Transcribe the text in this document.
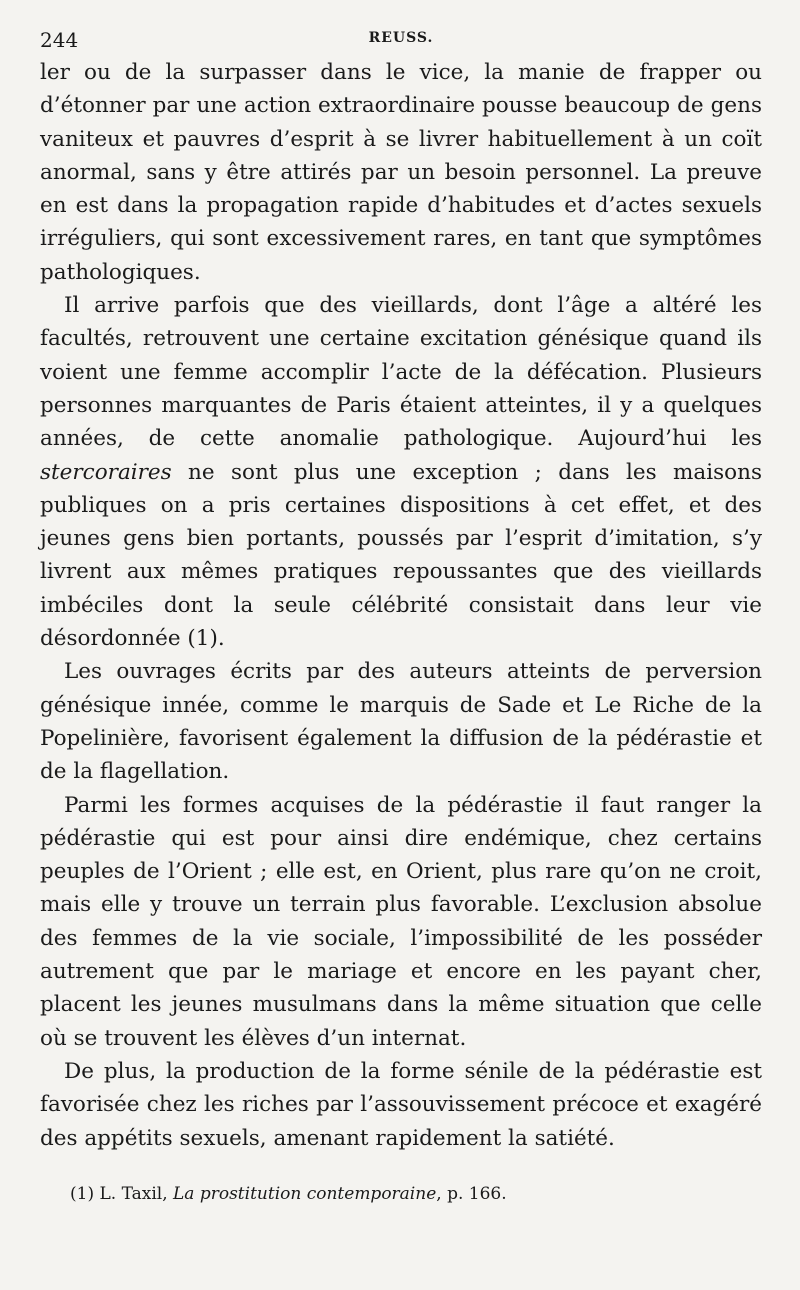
244	REUSS.

ler ou de la surpasser dans le vice, la manie de frapper ou d’étonner par une action extraordinaire pousse beaucoup de gens vaniteux et pauvres d’esprit à se livrer habituellement à un coït anormal, sans y être attirés par un besoin personnel. La preuve en est dans la propagation rapide d’habitudes et d’actes sexuels irréguliers, qui sont excessivement rares, en tant que symptômes pathologiques.

Il arrive parfois que des vieillards, dont l’âge a altéré les facultés, retrouvent une certaine excitation génésique quand ils voient une femme accomplir l’acte de la défécation. Plusieurs personnes marquantes de Paris étaient atteintes, il y a quelques années, de cette anomalie pathologique. Aujourd’hui les stercoraires ne sont plus une exception ; dans les maisons publiques on a pris certaines dispositions à cet effet, et des jeunes gens bien portants, poussés par l’esprit d’imitation, s’y livrent aux mêmes pratiques repoussantes que des vieillards imbéciles dont la seule célébrité consistait dans leur vie désordonnée (1).

Les ouvrages écrits par des auteurs atteints de perversion génésique innée, comme le marquis de Sade et Le Riche de la Popelinière, favorisent également la diffusion de la pédérastie et de la flagellation.

Parmi les formes acquises de la pédérastie il faut ranger la pédérastie qui est pour ainsi dire endémique, chez certains peuples de l’Orient ; elle est, en Orient, plus rare qu’on ne croit, mais elle y trouve un terrain plus favorable. L’exclusion absolue des femmes de la vie sociale, l’impossibilité de les posséder autrement que par le mariage et encore en les payant cher, placent les jeunes musulmans dans la même situation que celle où se trouvent les élèves d’un internat.

De plus, la production de la forme sénile de la pédérastie est favorisée chez les riches par l’assouvissement précoce et exagéré des appétits sexuels, amenant rapidement la satiété.

(1) L. Taxil, La prostitution contemporaine, p. 166.
